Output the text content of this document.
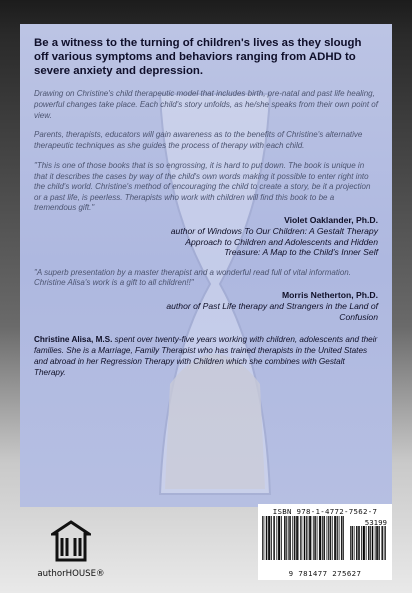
Be a witness to the turning of children's lives as they slough off various symptoms and behaviors ranging from ADHD to severe anxiety and depression.

Drawing on Christine's child therapeutic model that includes birth, pre-natal and past life healing, powerful changes take place. Each child's story unfolds, as he/she speaks from their own point of view.

Parents, therapists, educators will gain awareness as to the benefits of Christine's alternative therapeutic techniques as she guides the process of therapy with each child.

"This is one of those books that is so engrossing, it is hard to put down. The book is unique in that it describes the cases by way of the child's own words making it possible to enter right into the child's world. Christine's method of encouraging the child to create a story, be it a projection or a past life, is peerless. Therapists who work with children will find this book to be a tremendous gift."

Violet Oaklander, Ph.D.

author of Windows To Our Children: A Gestalt Therapy Approach to Children and Adolescents and Hidden Treasure: A Map to the Child's Inner Self

"A superb presentation by a master therapist and a wonderful read full of vital information. Christine Alisa's work is a gift to all children!!"

Morris Netherton, Ph.D.

author of Past Life therapy and Strangers in the Land of Confusion

Christine Alisa, M.S. spent over twenty-five years working with children, adolescents and their families. She is a Marriage, Family Therapist who has trained therapists in the United States and abroad in her Regression Therapy with Children which she combines with Gestalt Therapy.

authorHOUSE®
ISBN 978-1-4772-7562-7
53199
9 781477 275627
